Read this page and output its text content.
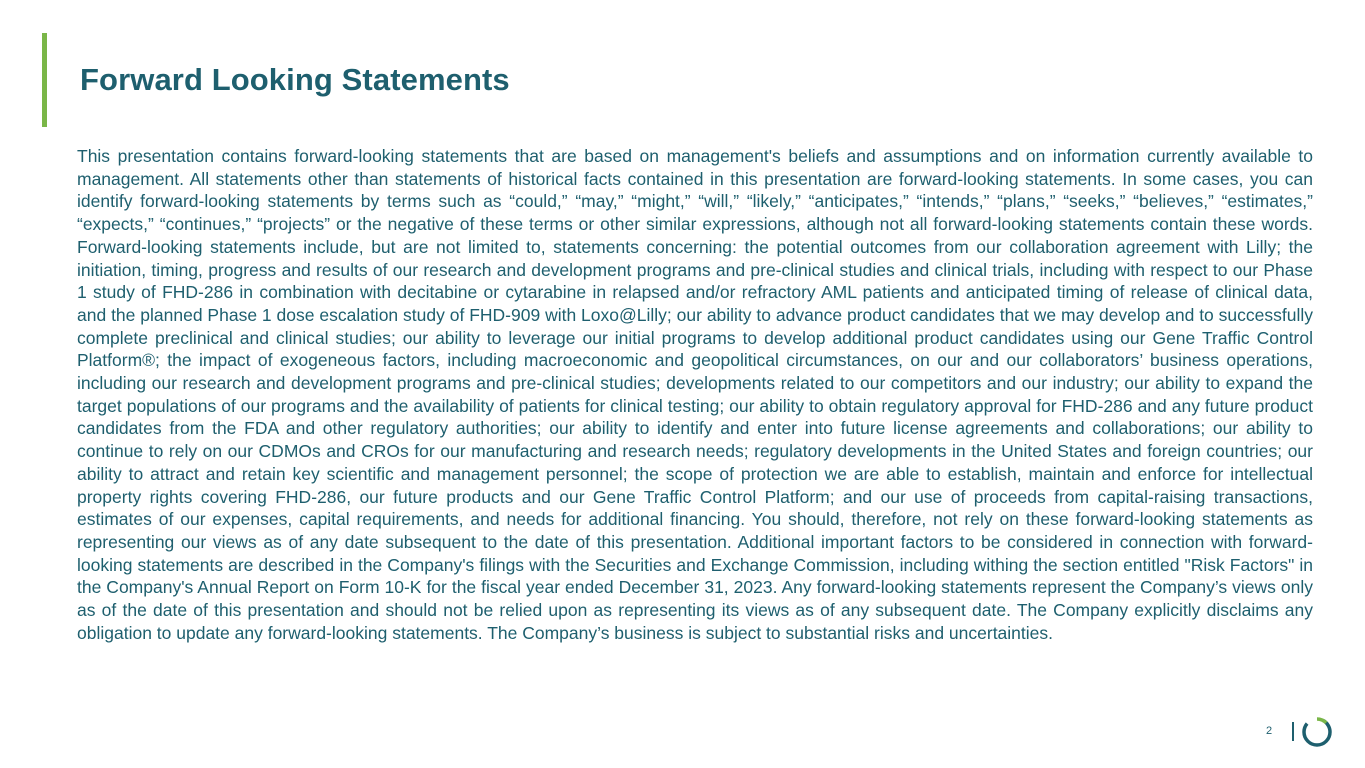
Forward Looking Statements

This presentation contains forward-looking statements that are based on management's beliefs and assumptions and on information currently available to management. All statements other than statements of historical facts contained in this presentation are forward-looking statements. In some cases, you can identify forward-looking statements by terms such as “could,” “may,” “might,” “will,” “likely,” “anticipates,” “intends,” “plans,” “seeks,” “believes,” “estimates,” “expects,” “continues,” “projects” or the negative of these terms or other similar expressions, although not all forward-looking statements contain these words. Forward-looking statements include, but are not limited to, statements concerning: the potential outcomes from our collaboration agreement with Lilly; the initiation, timing, progress and results of our research and development programs and pre-clinical studies and clinical trials, including with respect to our Phase 1 study of FHD-286 in combination with decitabine or cytarabine in relapsed and/or refractory AML patients and anticipated timing of release of clinical data, and the planned Phase 1 dose escalation study of FHD-909 with Loxo@Lilly; our ability to advance product candidates that we may develop and to successfully complete preclinical and clinical studies; our ability to leverage our initial programs to develop additional product candidates using our Gene Traffic Control Platform®; the impact of exogeneous factors, including macroeconomic and geopolitical circumstances, on our and our collaborators’ business operations, including our research and development programs and pre-clinical studies; developments related to our competitors and our industry; our ability to expand the target populations of our programs and the availability of patients for clinical testing; our ability to obtain regulatory approval for FHD-286 and any future product candidates from the FDA and other regulatory authorities; our ability to identify and enter into future license agreements and collaborations; our ability to continue to rely on our CDMOs and CROs for our manufacturing and research needs; regulatory developments in the United States and foreign countries; our ability to attract and retain key scientific and management personnel; the scope of protection we are able to establish, maintain and enforce for intellectual property rights covering FHD-286, our future products and our Gene Traffic Control Platform; and our use of proceeds from capital-raising transactions, estimates of our expenses, capital requirements, and needs for additional financing. You should, therefore, not rely on these forward-looking statements as representing our views as of any date subsequent to the date of this presentation. Additional important factors to be considered in connection with forward-looking statements are described in the Company's filings with the Securities and Exchange Commission, including withing the section entitled "Risk Factors" in the Company's Annual Report on Form 10-K for the fiscal year ended December 31, 2023. Any forward-looking statements represent the Company’s views only as of the date of this presentation and should not be relied upon as representing its views as of any subsequent date. The Company explicitly disclaims any obligation to update any forward-looking statements. The Company’s business is subject to substantial risks and uncertainties.

2
